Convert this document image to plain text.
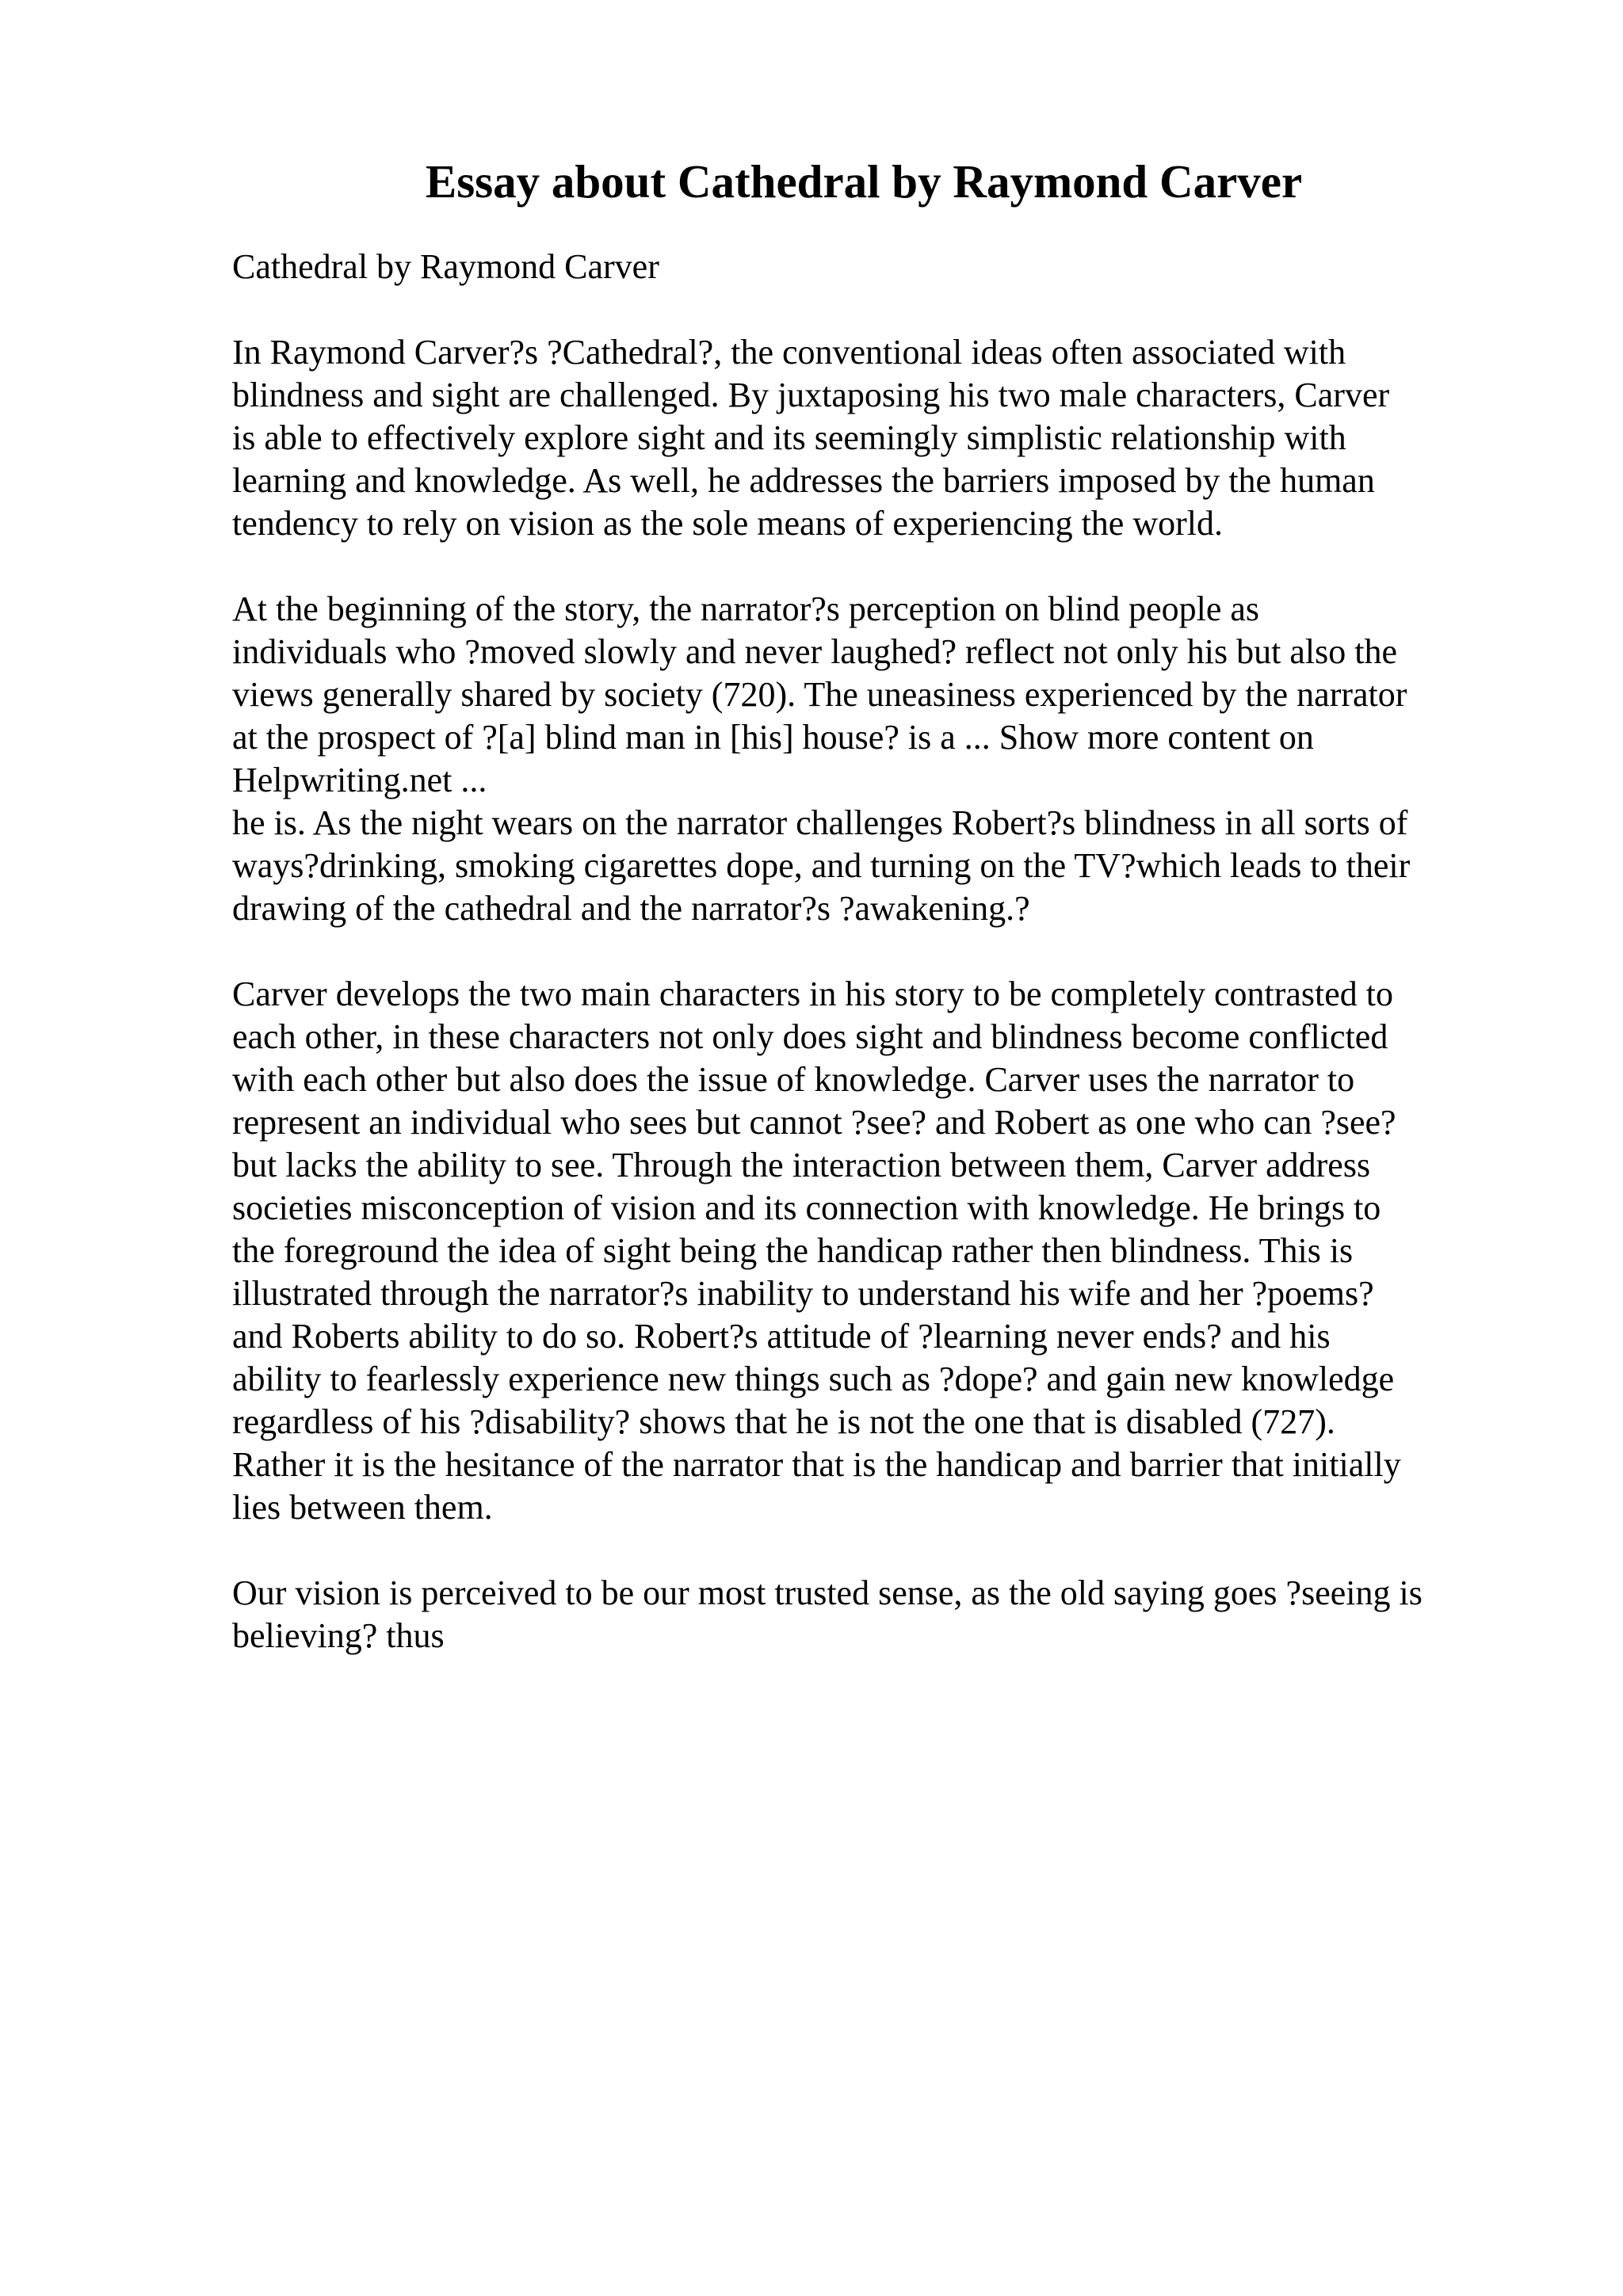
Essay about Cathedral by Raymond Carver
Cathedral by Raymond Carver
In Raymond Carver?s ?Cathedral?, the conventional ideas often associated with
blindness and sight are challenged. By juxtaposing his two male characters, Carver
is able to effectively explore sight and its seemingly simplistic relationship with
learning and knowledge. As well, he addresses the barriers imposed by the human
tendency to rely on vision as the sole means of experiencing the world.
At the beginning of the story, the narrator?s perception on blind people as
individuals who ?moved slowly and never laughed? reflect not only his but also the
views generally shared by society (720). The uneasiness experienced by the narrator
at the prospect of ?[a] blind man in [his] house? is a ... Show more content on
Helpwriting.net ...
he is. As the night wears on the narrator challenges Robert?s blindness in all sorts of
ways?drinking, smoking cigarettes dope, and turning on the TV?which leads to their
drawing of the cathedral and the narrator?s ?awakening.?
Carver develops the two main characters in his story to be completely contrasted to
each other, in these characters not only does sight and blindness become conflicted
with each other but also does the issue of knowledge. Carver uses the narrator to
represent an individual who sees but cannot ?see? and Robert as one who can ?see?
but lacks the ability to see. Through the interaction between them, Carver address
societies misconception of vision and its connection with knowledge. He brings to
the foreground the idea of sight being the handicap rather then blindness. This is
illustrated through the narrator?s inability to understand his wife and her ?poems?
and Roberts ability to do so. Robert?s attitude of ?learning never ends? and his
ability to fearlessly experience new things such as ?dope? and gain new knowledge
regardless of his ?disability? shows that he is not the one that is disabled (727).
Rather it is the hesitance of the narrator that is the handicap and barrier that initially
lies between them.
Our vision is perceived to be our most trusted sense, as the old saying goes ?seeing is
believing? thus
